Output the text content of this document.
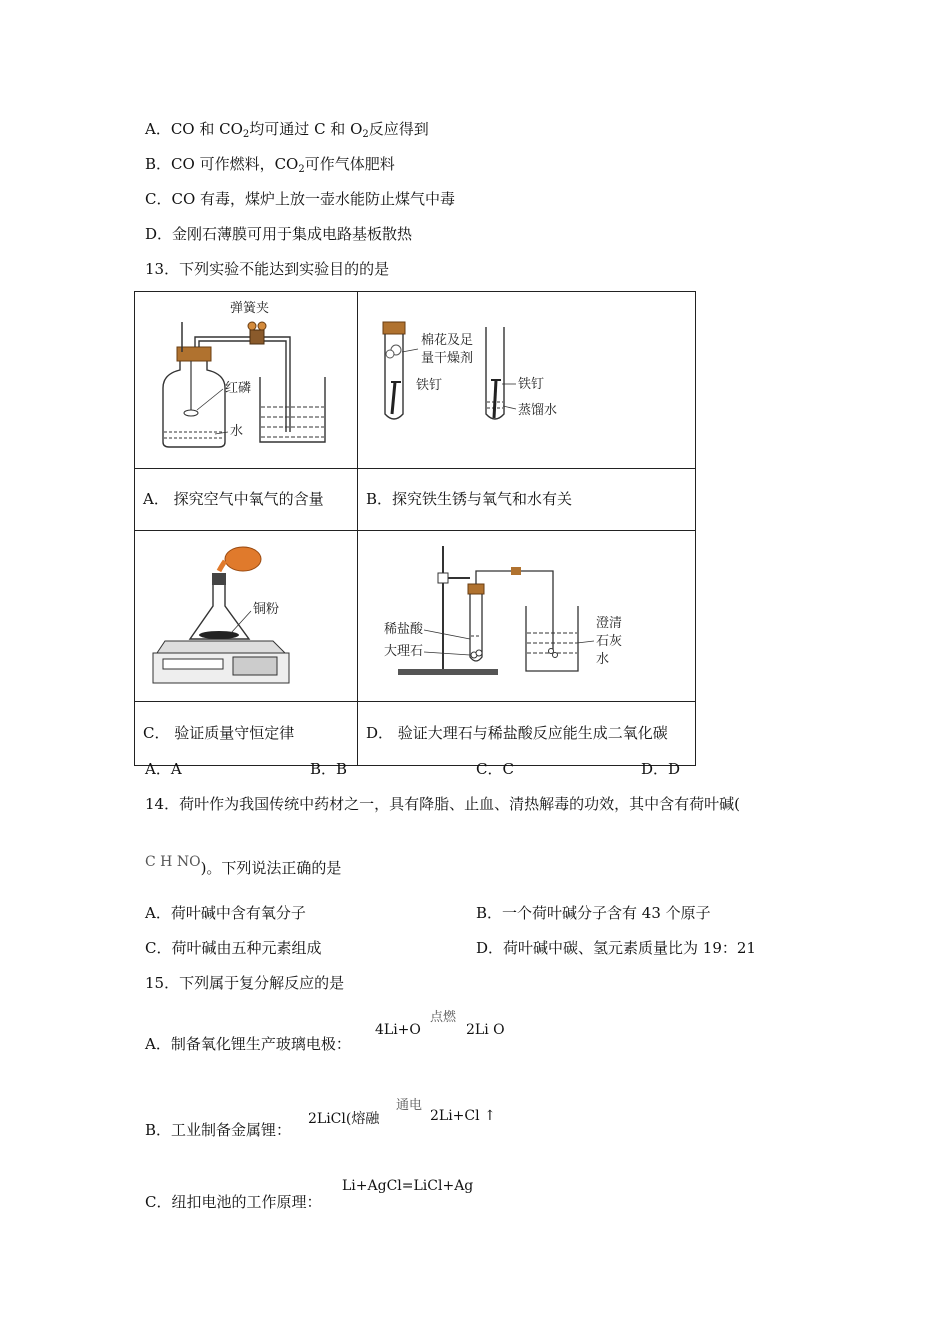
A．CO 和 $CO_2$均可通过 C 和 $O_2$反应得到
B．CO 可作燃料，$CO_2$可作气体肥料
C．CO 有毒，煤炉上放一壶水能防止煤气中毒
D．金刚石薄膜可用于集成电路基板散热
13．下列实验不能达到实验目的的是
弹簧夹
红磷
水	棉花及足
量干燥剂
铁钉 铁钉
蒸馏水

A． 探究空气中氧气的含量	B．探究铁生锈与氧气和水有关

铜粉	稀盐酸
大理石
澄清
石灰
水

C． 验证质量守恒定律	D． 验证大理石与稀盐酸反应能生成二氧化碳
A．A	B．B	C．C	D．D
14．荷叶作为我国传统中药材之一，具有降脂、止血、清热解毒的功效，其中含有荷叶碱(
C H NO)。下列说法正确的是
A．荷叶碱中含有氧分子	B．一个荷叶碱分子含有 43 个原子
C．荷叶碱由五种元素组成	D．荷叶碱中碳、氢元素质量比为 19：21
15．下列属于复分解反应的是
A．制备氧化锂生产玻璃电极：
点燃
4Li+O	2Li O
B．工业制备金属锂：
通电
2LiCl(熔融	2Li+Cl ↑
C．纽扣电池的工作原理：
Li+AgCl=LiCl+Ag
